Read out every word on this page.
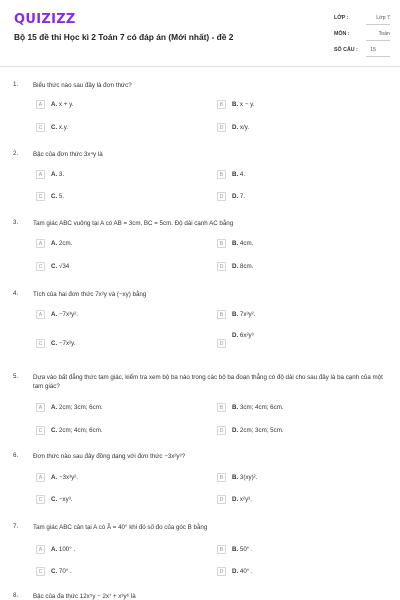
QUIZIZZ
Bộ 15 đề thi Học kì 2 Toán 7 có đáp án (Mới nhất) - đề 2
LỚP :	Lớp 7
MÔN :	Toán
SỐ CÂU : 15
1. Biểu thức nào sau đây là đơn thức?
A	A. x + y.	B	B. x − y.
C	C. x.y.	D	D. x/y.
2. Bậc của đơn thức 3x⁴y là
A	A. 3.	B	B. 4.
C	C. 5.	D	D. 7.
3. Tam giác ABC vuông tại A có AB = 3cm, BC = 5cm. Độ dài cạnh AC bằng
A	A. 2cm.	B	B. 4cm.
C	C. √34	D	D. 8cm.
4. Tích của hai đơn thức 7x²y và (−xy) bằng
A	A. −7x³y².	B	B. 7x³y².
C	C. −7x²y.	D
D. 6x²y³
5. Dựa vào bất đẳng thức tam giác, kiểm tra xem bộ ba nào trong các bộ ba đoạn thẳng có độ dài cho sau đây là ba cạnh của một tam giác?
A	A. 2cm; 3cm; 6cm.	B	B. 3cm; 4cm; 6cm.
C	C. 2cm; 4cm; 6cm.	D	D. 2cm; 3cm; 5cm.
6. Đơn thức nào sau đây đồng dạng với đơn thức −3x²y³?
A	A. −3x³y².	B	B. 3(xy)².
C	C. −xy³.	D	D. x²y³.
7. Tam giác ABC cân tại A có Â = 40° khi đó số đo của góc B bằng
A	A. 100° .	B	B. 50° .
C	C. 70° .	D	D. 40° .
8. Bậc của đa thức 12x⁵y − 2x⁷ + x³y⁶ là
